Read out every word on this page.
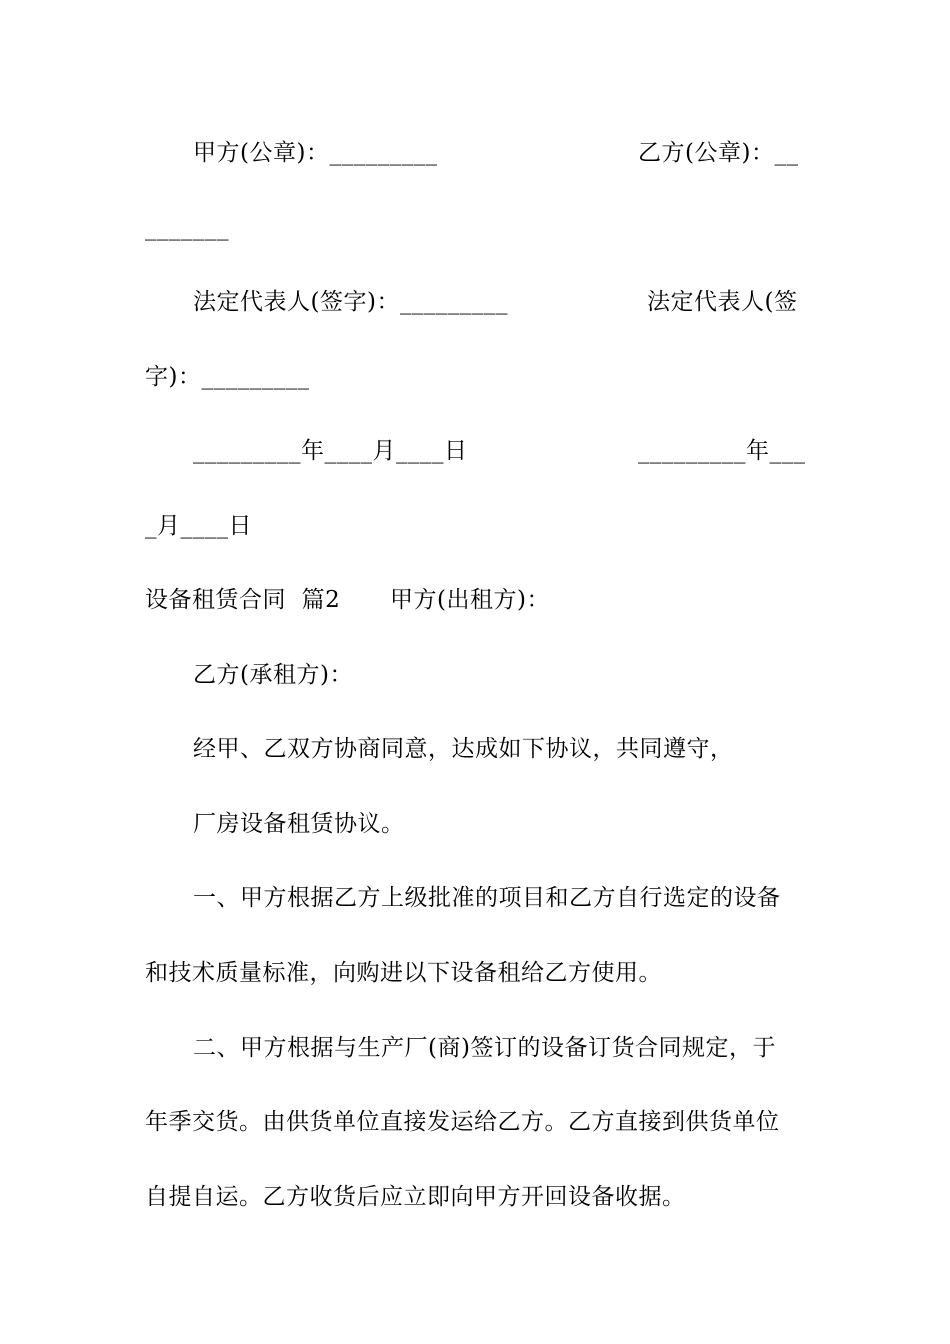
甲方(公章)：_________	乙方(公章)：__
_______
法定代表人(签字)：_________	法定代表人(签
字)：_________
_________年____月____日	_________年___
_月____日
设备租赁合同  篇2 甲方(出租方)：
乙方(承租方)：
经甲、乙双方协商同意，达成如下协议，共同遵守，
厂房设备租赁协议。
一、甲方根据乙方上级批准的项目和乙方自行选定的设备
和技术质量标准，向购进以下设备租给乙方使用。
二、甲方根据与生产厂(商)签订的设备订货合同规定，于
年季交货。由供货单位直接发运给乙方。乙方直接到供货单位
自提自运。乙方收货后应立即向甲方开回设备收据。
